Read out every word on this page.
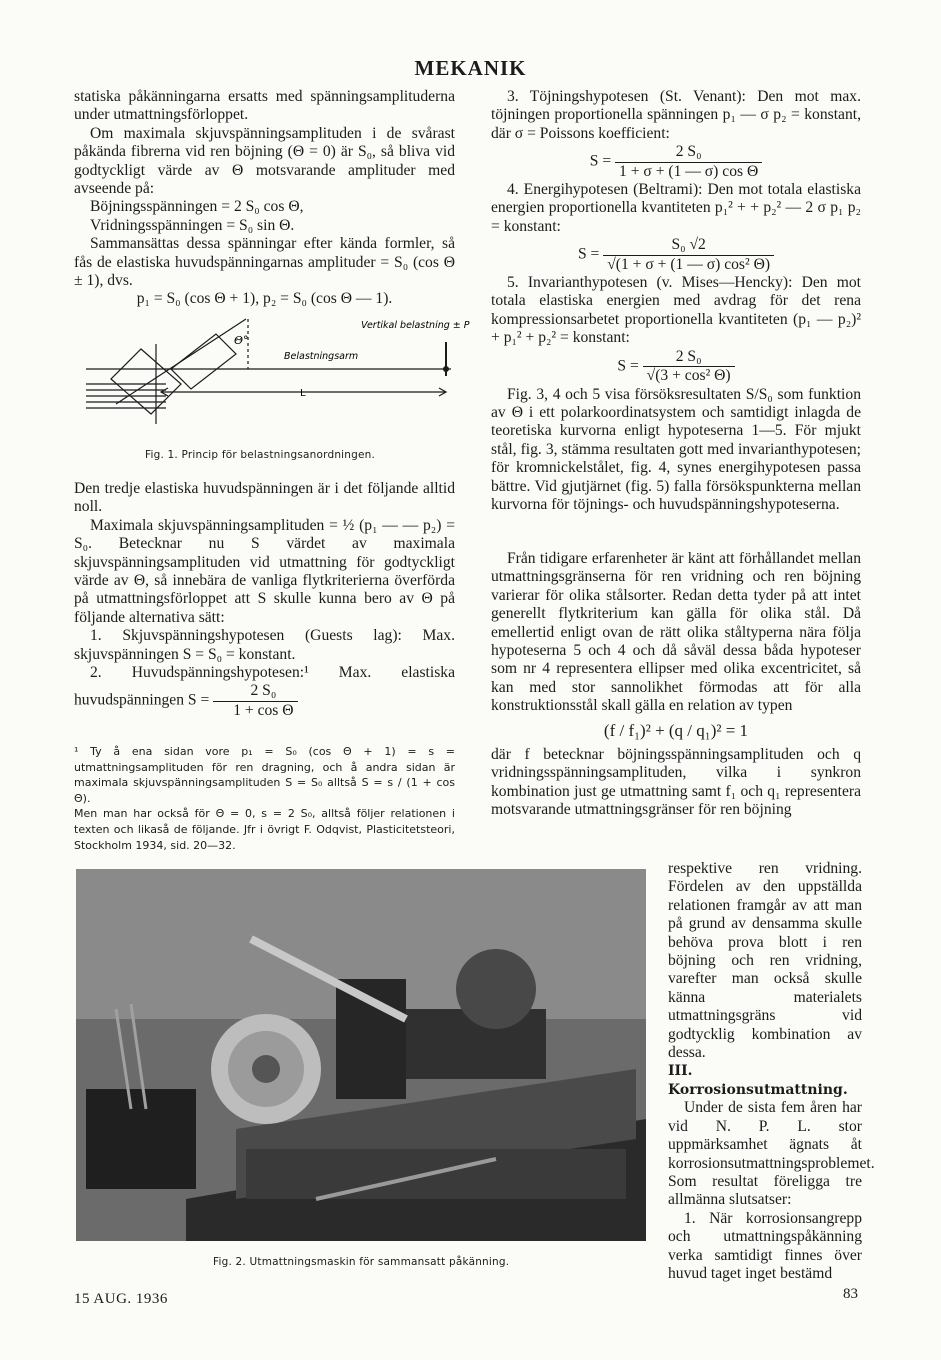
MEKANIK

statiska påkänningarna ersatts med spänningsamplituderna under utmattningsförloppet.

Om maximala skjuvspänningsamplituden i de svårast påkända fibrerna vid ren böjning (Θ = 0) är S₀, så bliva vid godtyckligt värde av Θ motsvarande amplituder med avseende på:

Böjningsspänningen = 2 S₀ cos Θ,

Vridningsspänningen = S₀ sin Θ.

Sammansättas dessa spänningar efter kända formler, så fås de elastiska huvudspänningarnas amplituder = S₀ (cos Θ ± 1), dvs.

p₁ = S₀ (cos Θ + 1), p₂ = S₀ (cos Θ — 1).

Θ°
Vertikal belastning ± P
Belastningsarm
L
Fig. 1. Princip för belastningsanordningen.

Den tredje elastiska huvudspänningen är i det följande alltid noll.

Maximala skjuvspänningsamplituden = ½ (p₁ — — p₂) = S₀. Betecknar nu S värdet av maximala skjuvspänningsamplituden vid utmattning för godtyckligt värde av Θ, så innebära de vanliga flytkriterierna överförda på utmattningsförloppet att S skulle kunna bero av Θ på följande alternativa sätt:

1. Skjuvspänningshypotesen (Guests lag): Max. skjuvspänningen S = S₀ = konstant.

2. Huvudspänningshypotesen:¹ Max. elastiska huvudspänningen $S = \frac{\text{2 S₀}}{\text{1 + cos Θ}}$

¹ Ty å ena sidan vore p₁ = S₀ (cos Θ + 1) = s = utmattningsamplituden för ren dragning, och å andra sidan är maximala skjuvspänningsamplituden S = S₀ alltså S = s / (1 + cos Θ).

Men man har också för Θ = 0, s = 2 S₀, alltså följer relationen i texten och likaså de följande. Jfr i övrigt F. Odqvist, Plasticitetsteori, Stockholm 1934, sid. 20—32.

3. Töjningshypotesen (St. Venant): Den mot max. töjningen proportionella spänningen p₁ — σ p₂ = konstant, där σ = Poissons koefficient:

$S = \frac{\text{2 S₀}}{\text{1 + σ + (1 — σ) cos Θ}}$

4. Energihypotesen (Beltrami): Den mot totala elastiska energien proportionella kvantiteten p₁² + + p₂² — 2 σ p₁ p₂ = konstant:

$S = \frac{\text{S₀ √2}}{\text{√(1 + σ + (1 — σ) cos² Θ)}}$

5. Invarianthypotesen (v. Mises—Hencky): Den mot totala elastiska energien med avdrag för det rena kompressionsarbetet proportionella kvantiteten (p₁ — p₂)² + p₁² + p₂² = konstant:

$S = \frac{\text{2 S₀}}{\text{√(3 + cos² Θ)}}$

Fig. 3, 4 och 5 visa försöksresultaten S/S₀ som funktion av Θ i ett polarkoordinatsystem och samtidigt inlagda de teoretiska kurvorna enligt hypoteserna 1—5. För mjukt stål, fig. 3, stämma resultaten gott med invarianthypotesen; för kromnickelstålet, fig. 4, synes energihypotesen passa bättre. Vid gjutjärnet (fig. 5) falla försökspunkterna mellan kurvorna för töjnings- och huvudspänningshypoteserna.

Från tidigare erfarenheter är känt att förhållandet mellan utmattningsgränserna för ren vridning och ren böjning varierar för olika stålsorter. Redan detta tyder på att intet generellt flytkriterium kan gälla för olika stål. Då emellertid enligt ovan de rätt olika ståltyperna nära följa hypoteserna 5 och 4 och då såväl dessa båda hypoteser som nr 4 representera ellipser med olika excentricitet, så kan med stor sannolikhet förmodas att för alla konstruktionsstål skall gälla en relation av typen

(f / f₁)² + (q / q₁)² = 1

där f betecknar böjningsspänningsamplituden och q vridningsspänningsamplituden, vilka i synkron kombination just ge utmattning samt f₁ och q₁ representera motsvarande utmattningsgränser för ren böjning

respektive ren vridning. Fördelen av den uppställda relationen framgår av att man på grund av densamma skulle behöva prova blott i ren böjning och ren vridning, varefter man också skulle känna materialets utmattningsgräns vid godtycklig kombination av dessa.

III. Korrosionsutmattning.

Under de sista fem åren har vid N. P. L. stor uppmärksamhet ägnats åt korrosionsutmattningsproblemet. Som resultat föreligga tre allmänna slutsatser:

1. När korrosionsangrepp och utmattningspåkänning verka samtidigt finnes över huvud taget inget bestämd

Fig. 2. Utmattningsmaskin för sammansatt påkänning.
15 AUG. 1936	83
